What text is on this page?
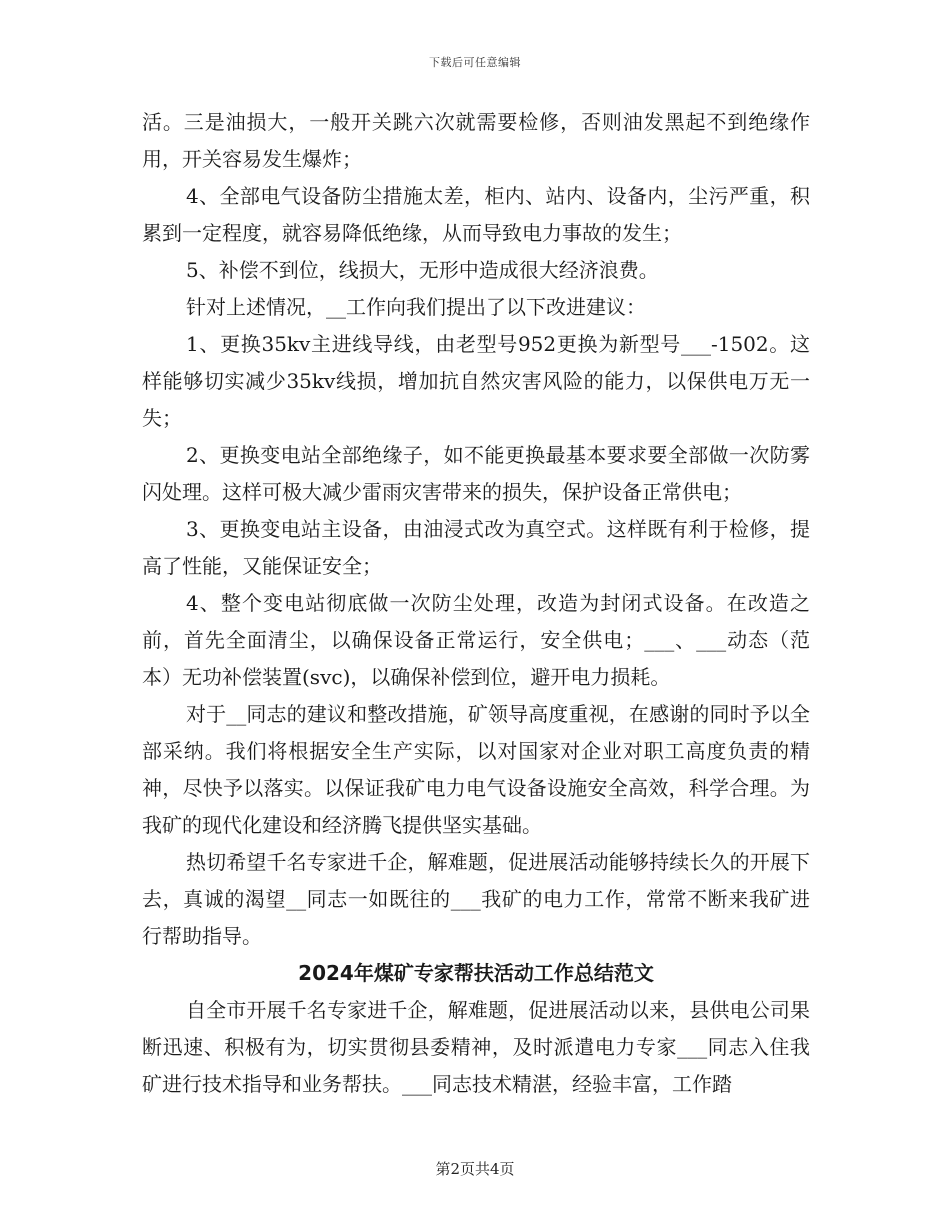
下载后可任意编辑

活。三是油损大，一般开关跳六次就需要检修，否则油发黑起不到绝缘作用，开关容易发生爆炸；

4、全部电气设备防尘措施太差，柜内、站内、设备内，尘污严重，积累到一定程度，就容易降低绝缘，从而导致电力事故的发生；

5、补偿不到位，线损大，无形中造成很大经济浪费。

针对上述情况，__工作向我们提出了以下改进建议：

1、更换35kv主进线导线，由老型号952更换为新型号___-1502。这样能够切实减少35kv线损，增加抗自然灾害风险的能力，以保供电万无一失；

2、更换变电站全部绝缘子，如不能更换最基本要求要全部做一次防雾闪处理。这样可极大减少雷雨灾害带来的损失，保护设备正常供电；

3、更换变电站主设备，由油浸式改为真空式。这样既有利于检修，提高了性能，又能保证安全；

4、整个变电站彻底做一次防尘处理，改造为封闭式设备。在改造之前，首先全面清尘，以确保设备正常运行，安全供电；___、___动态（范本）无功补偿装置(svc)，以确保补偿到位，避开电力损耗。

对于__同志的建议和整改措施，矿领导高度重视，在感谢的同时予以全部采纳。我们将根据安全生产实际，以对国家对企业对职工高度负责的精神，尽快予以落实。以保证我矿电力电气设备设施安全高效，科学合理。为我矿的现代化建设和经济腾飞提供坚实基础。

热切希望千名专家进千企，解难题，促进展活动能够持续长久的开展下去，真诚的渴望__同志一如既往的___我矿的电力工作，常常不断来我矿进行帮助指导。

2024年煤矿专家帮扶活动工作总结范文

自全市开展千名专家进千企，解难题，促进展活动以来，县供电公司果断迅速、积极有为，切实贯彻县委精神，及时派遣电力专家___同志入住我矿进行技术指导和业务帮扶。___同志技术精湛，经验丰富，工作踏

第2页共4页
